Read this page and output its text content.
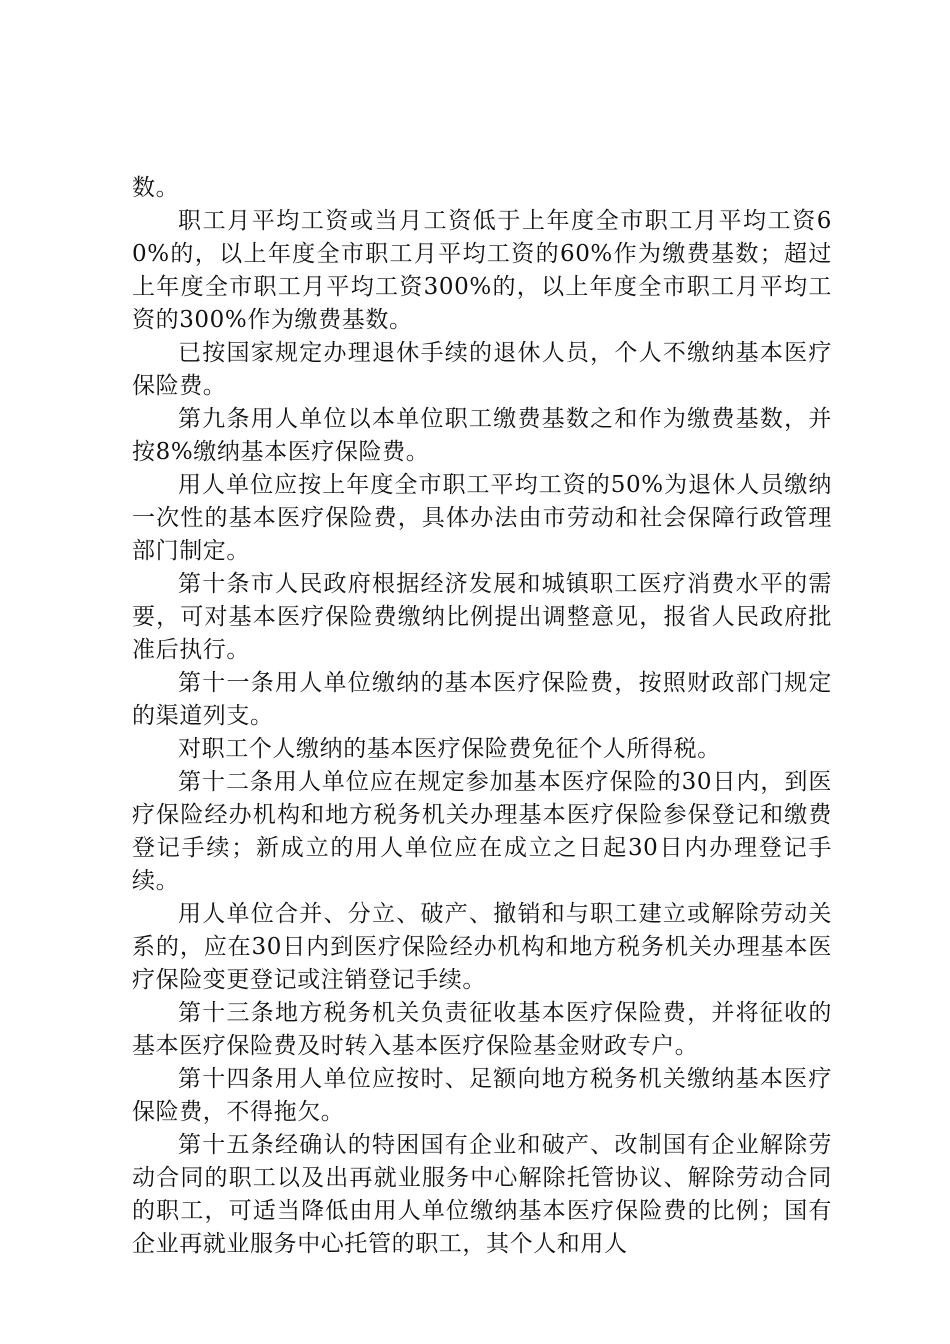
数。

职工月平均工资或当月工资低于上年度全市职工月平均工资60%的，以上年度全市职工月平均工资的60%作为缴费基数；超过上年度全市职工月平均工资300%的，以上年度全市职工月平均工资的300%作为缴费基数。

已按国家规定办理退休手续的退休人员，个人不缴纳基本医疗保险费。

第九条用人单位以本单位职工缴费基数之和作为缴费基数，并按8%缴纳基本医疗保险费。

用人单位应按上年度全市职工平均工资的50%为退休人员缴纳一次性的基本医疗保险费，具体办法由市劳动和社会保障行政管理部门制定。

第十条市人民政府根据经济发展和城镇职工医疗消费水平的需要，可对基本医疗保险费缴纳比例提出调整意见，报省人民政府批准后执行。

第十一条用人单位缴纳的基本医疗保险费，按照财政部门规定的渠道列支。

对职工个人缴纳的基本医疗保险费免征个人所得税。

第十二条用人单位应在规定参加基本医疗保险的30日内，到医疗保险经办机构和地方税务机关办理基本医疗保险参保登记和缴费登记手续；新成立的用人单位应在成立之日起30日内办理登记手续。

用人单位合并、分立、破产、撤销和与职工建立或解除劳动关系的，应在30日内到医疗保险经办机构和地方税务机关办理基本医疗保险变更登记或注销登记手续。

第十三条地方税务机关负责征收基本医疗保险费，并将征收的基本医疗保险费及时转入基本医疗保险基金财政专户。

第十四条用人单位应按时、足额向地方税务机关缴纳基本医疗保险费，不得拖欠。

第十五条经确认的特困国有企业和破产、改制国有企业解除劳动合同的职工以及出再就业服务中心解除托管协议、解除劳动合同的职工，可适当降低由用人单位缴纳基本医疗保险费的比例；国有企业再就业服务中心托管的职工，其个人和用人
